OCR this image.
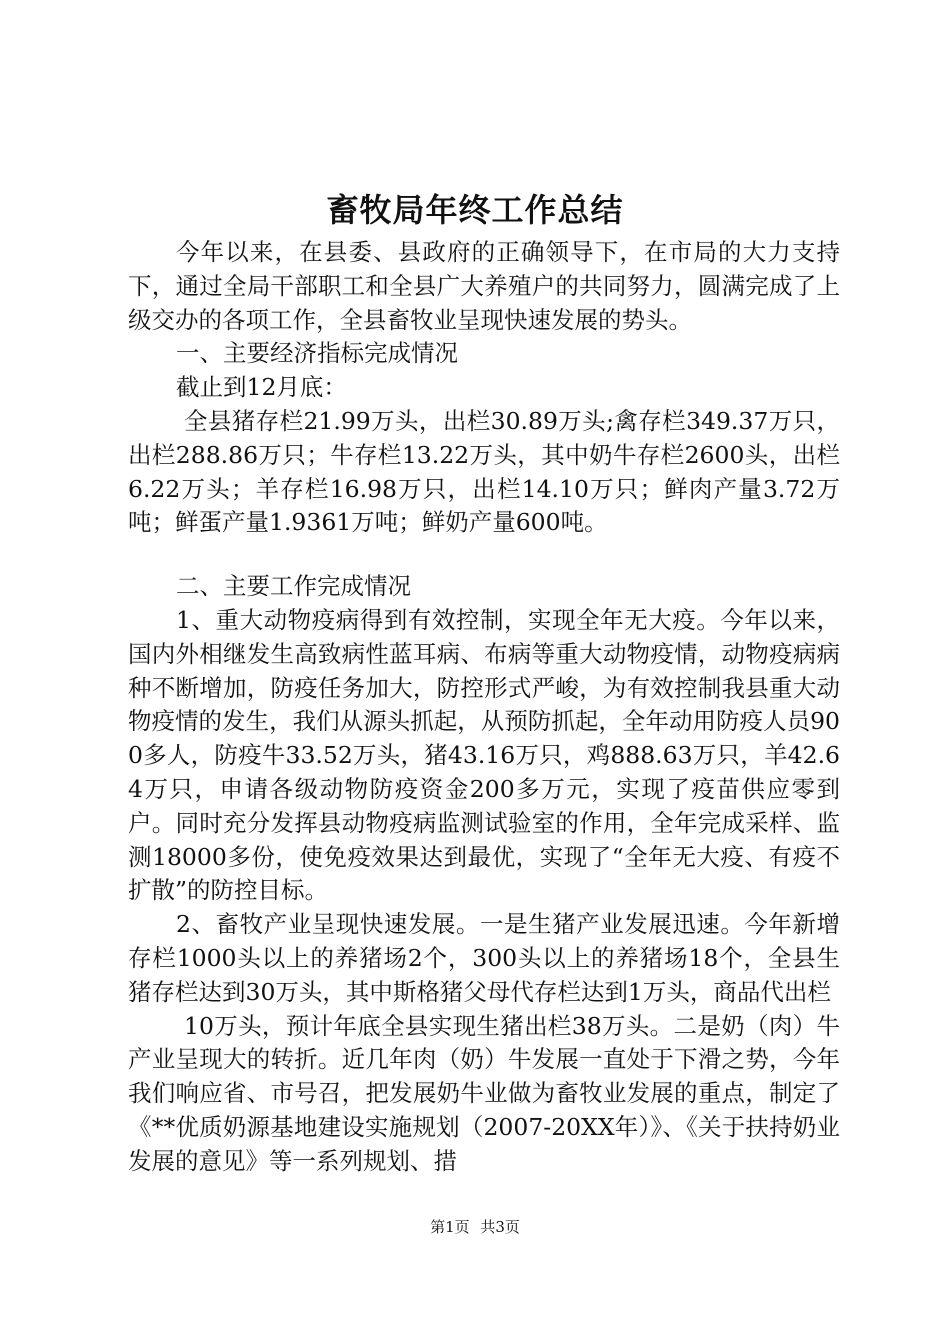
畜牧局年终工作总结

今年以来，在县委、县政府的正确领导下，在市局的大力支持下，通过全局干部职工和全县广大养殖户的共同努力，圆满完成了上级交办的各项工作，全县畜牧业呈现快速发展的势头。

一、主要经济指标完成情况

截止到12月底：

全县猪存栏21.99万头，出栏30.89万头;禽存栏349.37万只，出栏288.86万只；牛存栏13.22万头，其中奶牛存栏2600头，出栏6.22万头；羊存栏16.98万只，出栏14.10万只；鲜肉产量3.72万吨；鲜蛋产量1.9361万吨；鲜奶产量600吨。

二、主要工作完成情况

1、重大动物疫病得到有效控制，实现全年无大疫。今年以来，国内外相继发生高致病性蓝耳病、布病等重大动物疫情，动物疫病病种不断增加，防疫任务加大，防控形式严峻，为有效控制我县重大动物疫情的发生，我们从源头抓起，从预防抓起，全年动用防疫人员900多人，防疫牛33.52万头，猪43.16万只，鸡888.63万只，羊42.64万只，申请各级动物防疫资金200多万元，实现了疫苗供应零到户。同时充分发挥县动物疫病监测试验室的作用，全年完成采样、监测18000多份，使免疫效果达到最优，实现了“全年无大疫、有疫不扩散”的防控目标。

2、畜牧产业呈现快速发展。一是生猪产业发展迅速。今年新增存栏1000头以上的养猪场2个，300头以上的养猪场18个，全县生猪存栏达到30万头，其中斯格猪父母代存栏达到1万头，商品代出栏

10万头，预计年底全县实现生猪出栏38万头。二是奶（肉）牛产业呈现大的转折。近几年肉（奶）牛发展一直处于下滑之势，今年我们响应省、市号召，把发展奶牛业做为畜牧业发展的重点，制定了《**优质奶源基地建设实施规划（2007-20XX年）》、《关于扶持奶业发展的意见》等一系列规划、措

第1页 共3页
